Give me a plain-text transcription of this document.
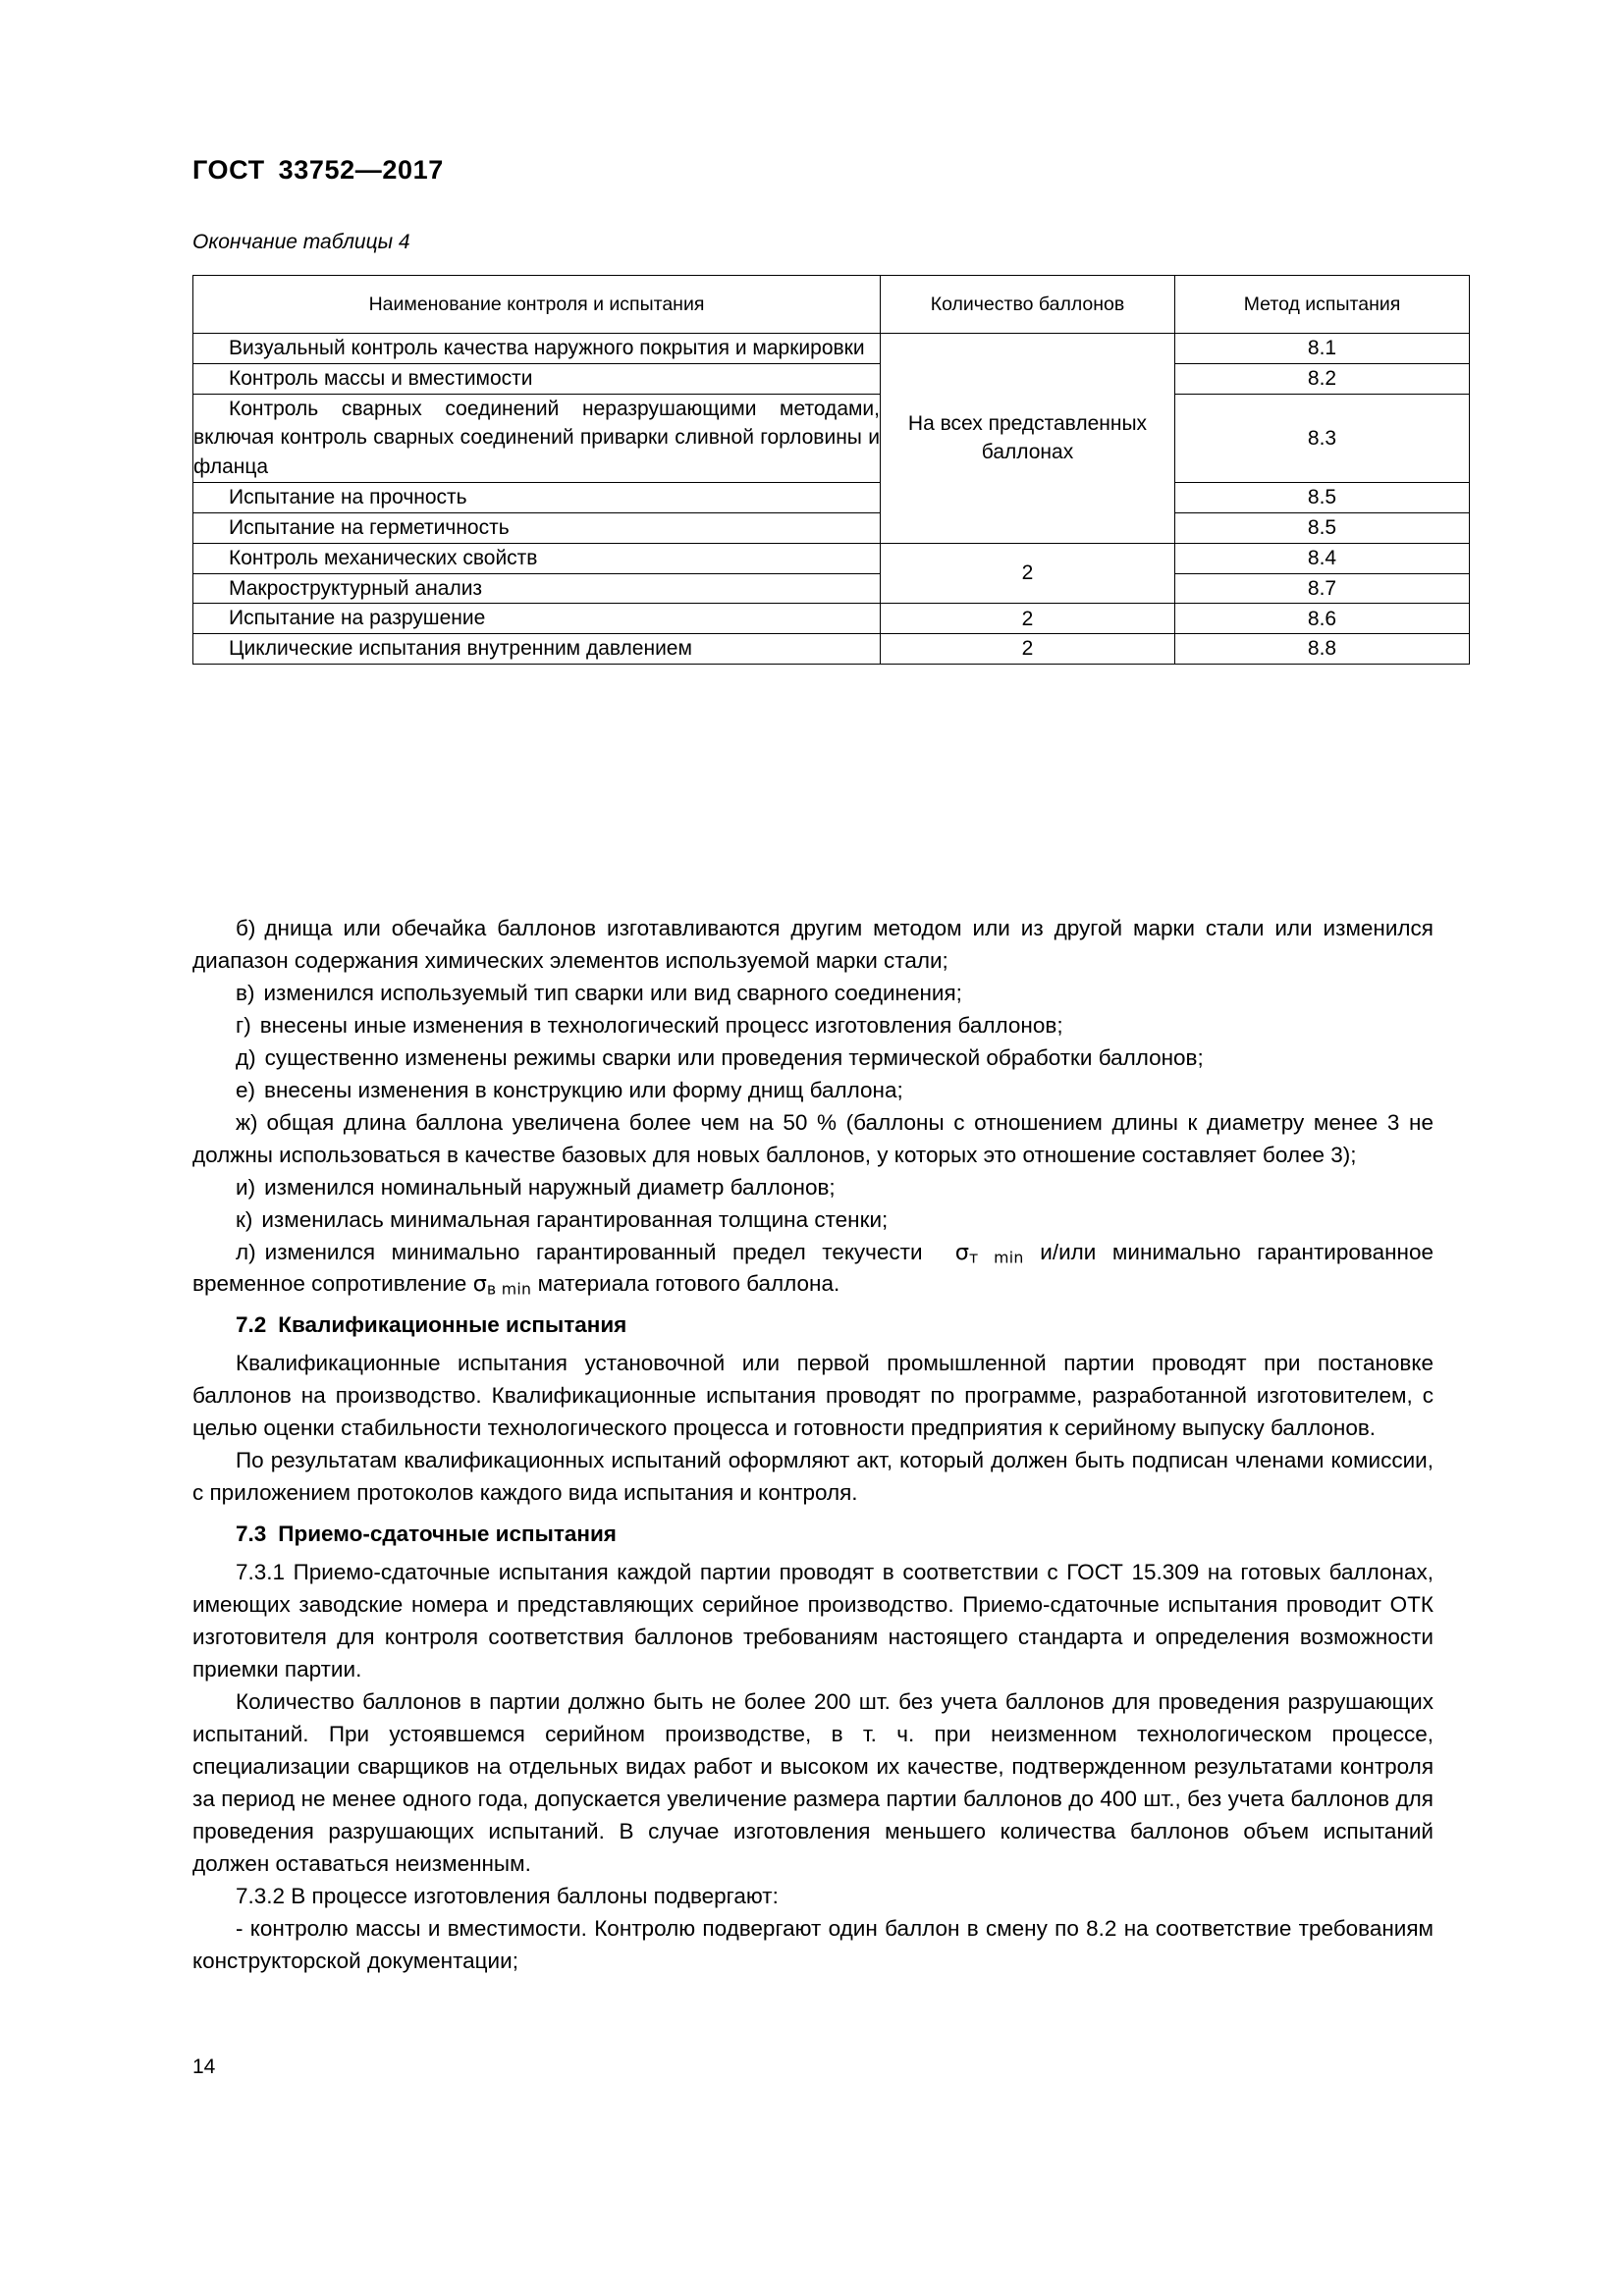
ГОСТ 33752—2017
Окончание таблицы 4
Наименование контроля и испытания	Количество баллонов	Метод испытания
Визуальный контроль качества наружного покрытия и маркировки	На всех представленных баллонах	8.1
Контроль массы и вместимости		8.2
Контроль сварных соединений неразрушающими методами, включая контроль сварных соединений приварки сливной горловины и фланца		8.3
Испытание на прочность		8.5
Испытание на герметичность		8.5
Контроль механических свойств	2	8.4
Макроструктурный анализ		8.7
Испытание на разрушение	2	8.6
Циклические испытания внутренним давлением	2	8.8

б) днища или обечайка баллонов изготавливаются другим методом или из другой марки стали или изменился диапазон содержания химических элементов используемой марки стали;

в) изменился используемый тип сварки или вид сварного соединения;

г) внесены иные изменения в технологический процесс изготовления баллонов;

д) существенно изменены режимы сварки или проведения термической обработки баллонов;

е) внесены изменения в конструкцию или форму днищ баллона;

ж) общая длина баллона увеличена более чем на 50 % (баллоны с отношением длины к диаметру менее 3 не должны использоваться в качестве базовых для новых баллонов, у которых это отношение составляет более 3);

и) изменился номинальный наружный диаметр баллонов;

к) изменилась минимальная гарантированная толщина стенки;

л) изменился минимально гарантированный предел текучести $\sigma_{т min}$ и/или минимально гарантированное временное сопротивление $\sigma_{в min}$ материала готового баллона.

7.2 Квалификационные испытания

Квалификационные испытания установочной или первой промышленной партии проводят при постановке баллонов на производство. Квалификационные испытания проводят по программе, разработанной изготовителем, с целью оценки стабильности технологического процесса и готовности предприятия к серийному выпуску баллонов.

По результатам квалификационных испытаний оформляют акт, который должен быть подписан членами комиссии, с приложением протоколов каждого вида испытания и контроля.

7.3 Приемо-сдаточные испытания

7.3.1 Приемо-сдаточные испытания каждой партии проводят в соответствии с ГОСТ 15.309 на готовых баллонах, имеющих заводские номера и представляющих серийное производство. Приемо-сдаточные испытания проводит ОТК изготовителя для контроля соответствия баллонов требованиям настоящего стандарта и определения возможности приемки партии.

Количество баллонов в партии должно быть не более 200 шт. без учета баллонов для проведения разрушающих испытаний. При устоявшемся серийном производстве, в т. ч. при неизменном технологическом процессе, специализации сварщиков на отдельных видах работ и высоком их качестве, подтвержденном результатами контроля за период не менее одного года, допускается увеличение размера партии баллонов до 400 шт., без учета баллонов для проведения разрушающих испытаний. В случае изготовления меньшего количества баллонов объем испытаний должен оставаться неизменным.

7.3.2 В процессе изготовления баллоны подвергают:

- контролю массы и вместимости. Контролю подвергают один баллон в смену по 8.2 на соответствие требованиям конструкторской документации;

14
